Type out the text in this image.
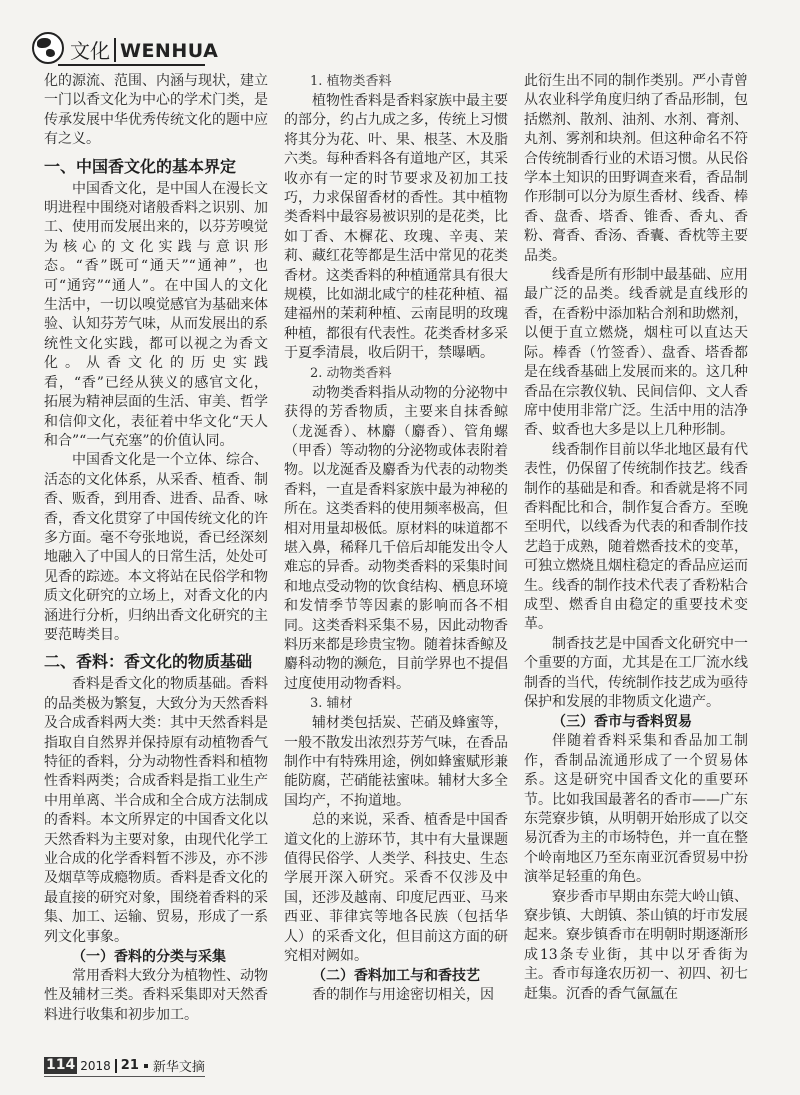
文化 WENHUA

化的源流、范围、内涵与现状，建立一门以香文化为中心的学术门类，是传承发展中华优秀传统文化的题中应有之义。

一、中国香文化的基本界定

中国香文化，是中国人在漫长文明进程中围绕对诸般香料之识别、加工、使用而发展出来的，以芬芳嗅觉为核心的文化实践与意识形态。“香”既可“通天”“通神”，也可“通窍”“通人”。在中国人的文化生活中，一切以嗅觉感官为基础来体验、认知芬芳气味，从而发展出的系统性文化实践，都可以视之为香文化。从香文化的历史实践看，“香”已经从狭义的感官文化，拓展为精神层面的生活、审美、哲学和信仰文化，表征着中华文化“天人和合”“一气充塞”的价值认同。

中国香文化是一个立体、综合、活态的文化体系，从采香、植香、制香、贩香，到用香、进香、品香、咏香，香文化贯穿了中国传统文化的许多方面。毫不夸张地说，香已经深刻地融入了中国人的日常生活，处处可见香的踪迹。本文将站在民俗学和物质文化研究的立场上，对香文化的内涵进行分析，归纳出香文化研究的主要范畴类目。

二、香料：香文化的物质基础

香料是香文化的物质基础。香料的品类极为繁复，大致分为天然香料及合成香料两大类：其中天然香料是指取自自然界并保持原有动植物香气特征的香料，分为动物性香料和植物性香料两类；合成香料是指工业生产中用单离、半合成和全合成方法制成的香料。本文所界定的中国香文化以天然香料为主要对象，由现代化学工业合成的化学香料暂不涉及，亦不涉及烟草等成瘾物质。香料是香文化的最直接的研究对象，围绕着香料的采集、加工、运输、贸易，形成了一系列文化事象。

（一）香料的分类与采集

常用香料大致分为植物性、动物性及辅材三类。香料采集即对天然香料进行收集和初步加工。

1. 植物类香料

植物性香料是香料家族中最主要的部分，约占九成之多，传统上习惯将其分为花、叶、果、根茎、木及脂六类。每种香料各有道地产区，其采收亦有一定的时节要求及初加工技巧，力求保留香材的香性。其中植物类香料中最容易被识别的是花类，比如丁香、木樨花、玫瑰、辛夷、茉莉、藏红花等都是生活中常见的花类香材。这类香料的种植通常具有很大规模，比如湖北咸宁的桂花种植、福建福州的茉莉种植、云南昆明的玫瑰种植，都很有代表性。花类香材多采于夏季清晨，收后阴干，禁曝晒。

2. 动物类香料

动物类香料指从动物的分泌物中获得的芳香物质，主要来自抹香鲸（龙涎香）、林麝（麝香）、管角螺（甲香）等动物的分泌物或体表附着物。以龙涎香及麝香为代表的动物类香料，一直是香料家族中最为神秘的所在。这类香料的使用频率极高，但相对用量却极低。原材料的味道都不堪入鼻，稀释几千倍后却能发出令人难忘的异香。动物类香料的采集时间和地点受动物的饮食结构、栖息环境和发情季节等因素的影响而各不相同。这类香料采集不易，因此动物香料历来都是珍贵宝物。随着抹香鲸及麝科动物的濒危，目前学界也不提倡过度使用动物香料。

3. 辅材

辅材类包括炭、芒硝及蜂蜜等，一般不散发出浓烈芬芳气味，在香品制作中有特殊用途，例如蜂蜜赋形兼能防腐，芒硝能祛蜜味。辅材大多全国均产，不拘道地。

总的来说，采香、植香是中国香道文化的上游环节，其中有大量课题值得民俗学、人类学、科技史、生态学展开深入研究。采香不仅涉及中国，还涉及越南、印度尼西亚、马来西亚、菲律宾等地各民族（包括华人）的采香文化，但目前这方面的研究相对阙如。

（二）香料加工与和香技艺

香的制作与用途密切相关，因

此衍生出不同的制作类别。严小青曾从农业科学角度归纳了香品形制，包括燃剂、散剂、油剂、水剂、膏剂、丸剂、雾剂和块剂。但这种命名不符合传统制香行业的术语习惯。从民俗学本土知识的田野调查来看，香品制作形制可以分为原生香材、线香、棒香、盘香、塔香、锥香、香丸、香粉、膏香、香汤、香囊、香枕等主要品类。

线香是所有形制中最基础、应用最广泛的品类。线香就是直线形的香，在香粉中添加粘合剂和助燃剂，以便于直立燃烧，烟柱可以直达天际。棒香（竹签香）、盘香、塔香都是在线香基础上发展而来的。这几种香品在宗教仪轨、民间信仰、文人香席中使用非常广泛。生活中用的洁净香、蚊香也大多是以上几种形制。

线香制作目前以华北地区最有代表性，仍保留了传统制作技艺。线香制作的基础是和香。和香就是将不同香料配比和合，制作复合香方。至晚至明代，以线香为代表的和香制作技艺趋于成熟，随着燃香技术的变革，可独立燃烧且烟柱稳定的香品应运而生。线香的制作技术代表了香粉粘合成型、燃香自由稳定的重要技术变革。

制香技艺是中国香文化研究中一个重要的方面，尤其是在工厂流水线制香的当代，传统制作技艺成为亟待保护和发展的非物质文化遗产。

（三）香市与香料贸易

伴随着香料采集和香品加工制作，香制品流通形成了一个贸易体系。这是研究中国香文化的重要环节。比如我国最著名的香市——广东东莞寮步镇，从明朝开始形成了以交易沉香为主的市场特色，并一直在整个岭南地区乃至东南亚沉香贸易中扮演举足轻重的角色。

寮步香市早期由东莞大岭山镇、寮步镇、大朗镇、茶山镇的圩市发展起来。寮步镇香市在明朝时期逐渐形成13条专业街，其中以牙香街为主。香市每逢农历初一、初四、初七赶集。沉香的香气氤氲在

114 2018 21 新华文摘
